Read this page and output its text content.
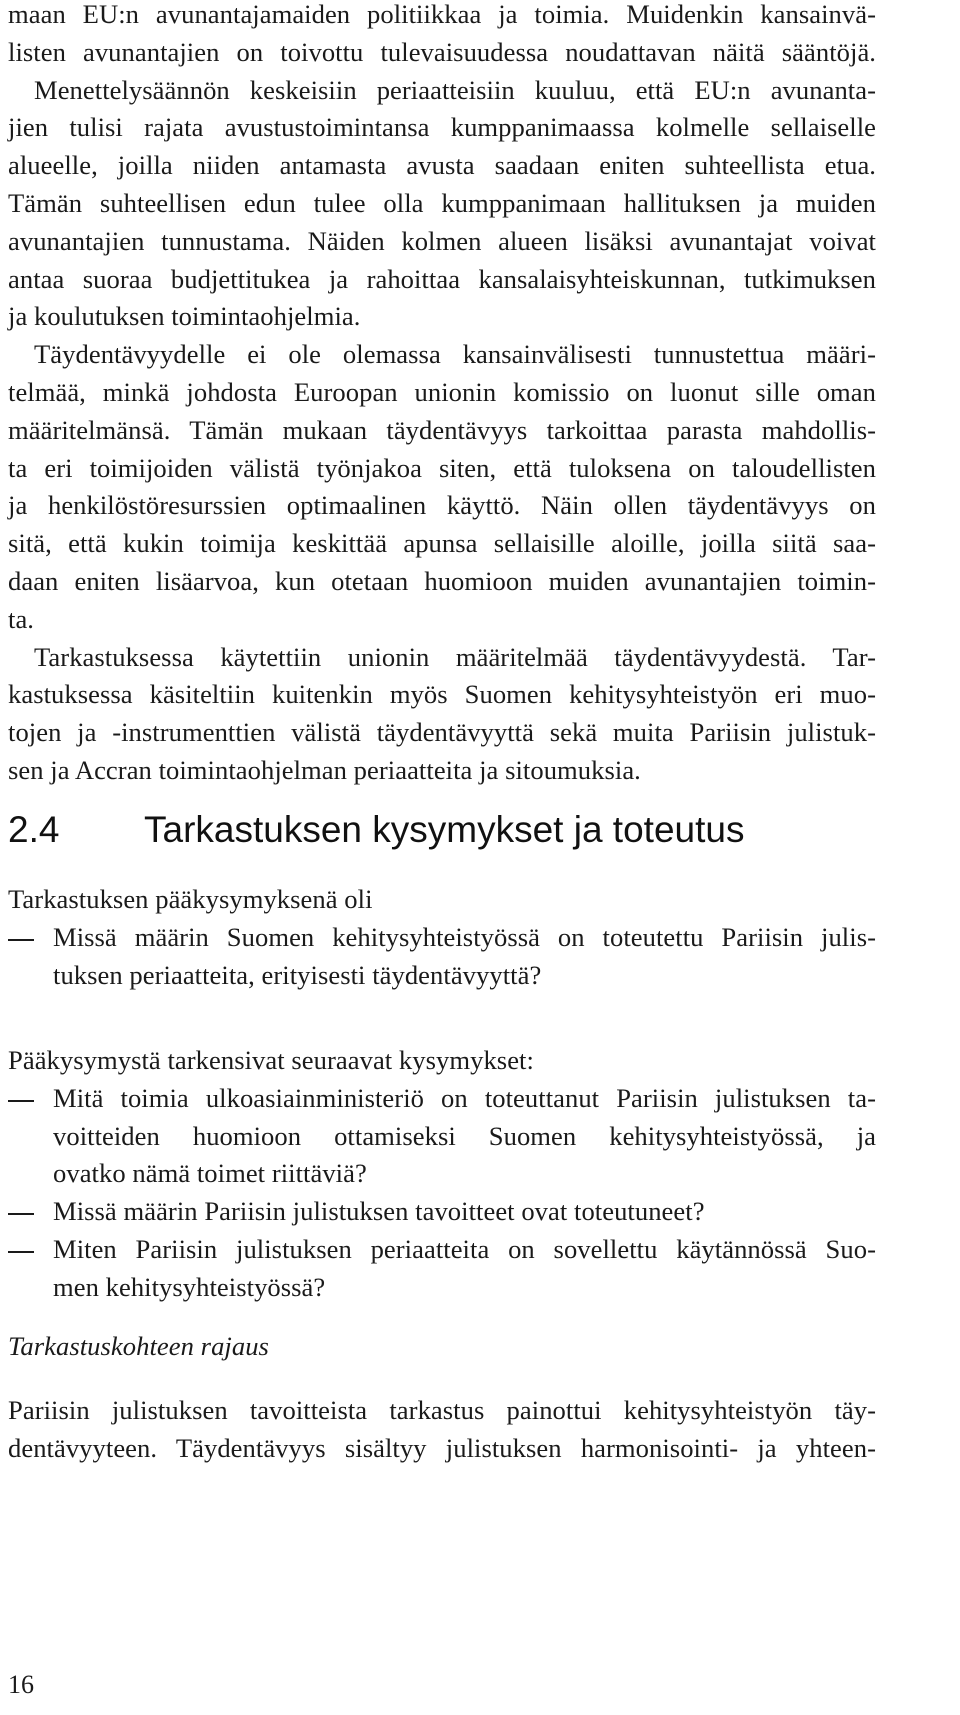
maan EU:n avunantajamaiden politiikkaa ja toimia. Muidenkin kansainvä-
listen avunantajien on toivottu tulevaisuudessa noudattavan näitä sääntöjä.
Menettelysäännön keskeisiin periaatteisiin kuuluu, että EU:n avunanta-
jien tulisi rajata avustustoimintansa kumppanimaassa kolmelle sellaiselle
alueelle, joilla niiden antamasta avusta saadaan eniten suhteellista etua.
Tämän suhteellisen edun tulee olla kumppanimaan hallituksen ja muiden
avunantajien tunnustama. Näiden kolmen alueen lisäksi avunantajat voivat
antaa suoraa budjettitukea ja rahoittaa kansalaisyhteiskunnan, tutkimuksen
ja koulutuksen toimintaohjelmia.
Täydentävyydelle ei ole olemassa kansainvälisesti tunnustettua määri-
telmää, minkä johdosta Euroopan unionin komissio on luonut sille oman
määritelmänsä. Tämän mukaan täydentävyys tarkoittaa parasta mahdollis-
ta eri toimijoiden välistä työnjakoa siten, että tuloksena on taloudellisten
ja henkilöstöresurssien optimaalinen käyttö. Näin ollen täydentävyys on
sitä, että kukin toimija keskittää apunsa sellaisille aloille, joilla siitä saa-
daan eniten lisäarvoa, kun otetaan huomioon muiden avunantajien toimin-
ta.
Tarkastuksessa käytettiin unionin määritelmää täydentävyydestä. Tar-
kastuksessa käsiteltiin kuitenkin myös Suomen kehitysyhteistyön eri muo-
tojen ja -instrumenttien välistä täydentävyyttä sekä muita Pariisin julistuk-
sen ja Accran toimintaohjelman periaatteita ja sitoumuksia.
2.4 Tarkastuksen kysymykset ja toteutus
Tarkastuksen pääkysymyksenä oli
Missä määrin Suomen kehitysyhteistyössä on toteutettu Pariisin julis-
tuksen periaatteita, erityisesti täydentävyyttä?
Pääkysymystä tarkensivat seuraavat kysymykset:
Mitä toimia ulkoasiainministeriö on toteuttanut Pariisin julistuksen ta-
voitteiden huomioon ottamiseksi Suomen kehitysyhteistyössä, ja
ovatko nämä toimet riittäviä?
Missä määrin Pariisin julistuksen tavoitteet ovat toteutuneet?
Miten Pariisin julistuksen periaatteita on sovellettu käytännössä Suo-
men kehitysyhteistyössä?
Tarkastuskohteen rajaus
Pariisin julistuksen tavoitteista tarkastus painottui kehitysyhteistyön täy-
dentävyyteen. Täydentävyys sisältyy julistuksen harmonisointi- ja yhteen-
16
